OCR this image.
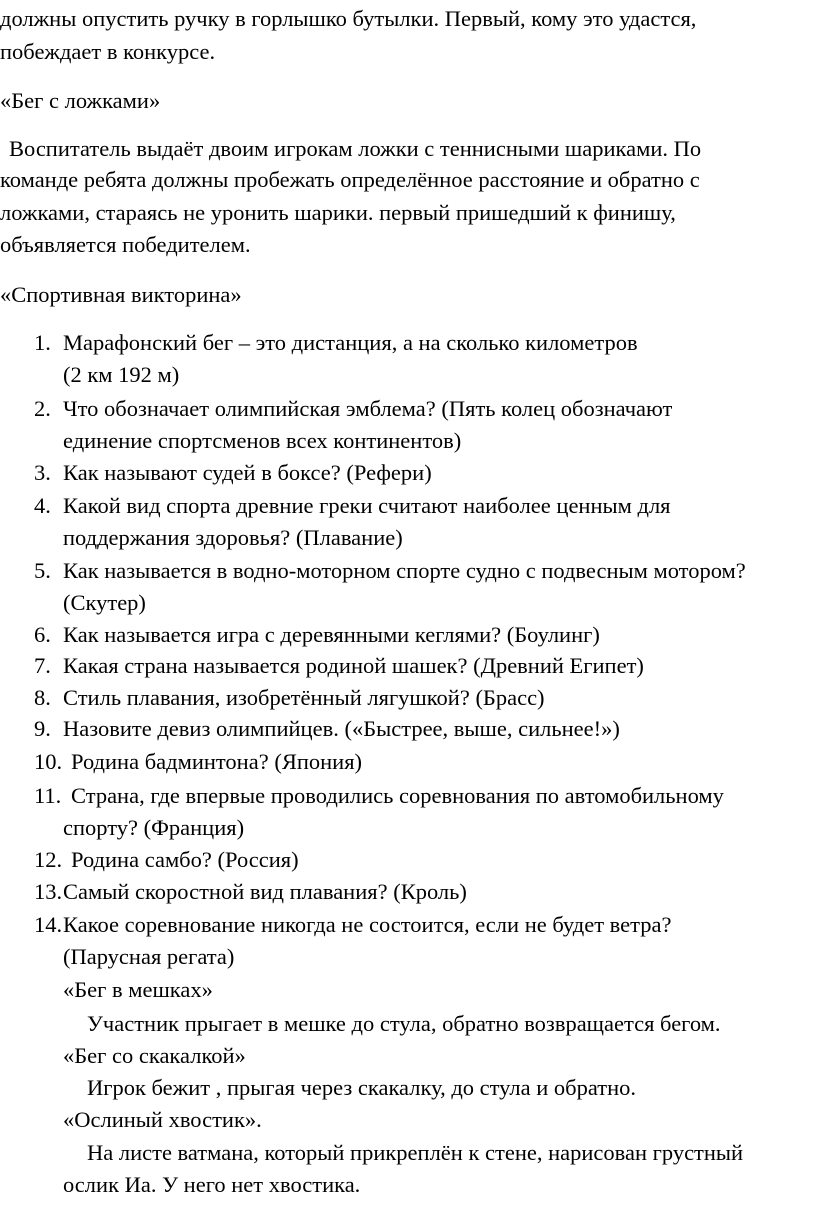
должны опустить ручку в горлышко бутылки. Первый, кому это удастся,
побеждает в конкурсе.
«Бег с ложками»
Воспитатель выдаёт двоим игрокам ложки с теннисными шариками. По
команде ребята должны пробежать определённое расстояние и обратно с
ложками, стараясь не уронить шарики. первый пришедший к финишу,
объявляется победителем.
«Спортивная викторина»
1. Марафонский бег – это дистанция, а на сколько километров
(2 км 192 м)
2. Что обозначает олимпийская эмблема? (Пять колец обозначают
единение спортсменов всех континентов)
3. Как называют судей в боксе? (Рефери)
4. Какой вид спорта древние греки считают наиболее ценным для
поддержания здоровья? (Плавание)
5. Как называется в водно-моторном спорте судно с подвесным мотором?
(Скутер)
6. Как называется игра с деревянными кеглями? (Боулинг)
7. Какая страна называется родиной шашек? (Древний Египет)
8. Стиль плавания, изобретённый лягушкой? (Брасс)
9. Назовите девиз олимпийцев. («Быстрее, выше, сильнее!»)
10. Родина бадминтона? (Япония)
11. Страна, где впервые проводились соревнования по автомобильному
спорту? (Франция)
12. Родина самбо? (Россия)
13. Самый скоростной вид плавания? (Кроль)
14. Какое соревнование никогда не состоится, если не будет ветра?
(Парусная регата)
«Бег в мешках»
Участник прыгает в мешке до стула, обратно возвращается бегом.
«Бег со скакалкой»
Игрок бежит , прыгая через скакалку, до стула и обратно.
«Ослиный хвостик».
На листе ватмана, который прикреплён к стене, нарисован грустный
ослик Иа. У него нет хвостика.
